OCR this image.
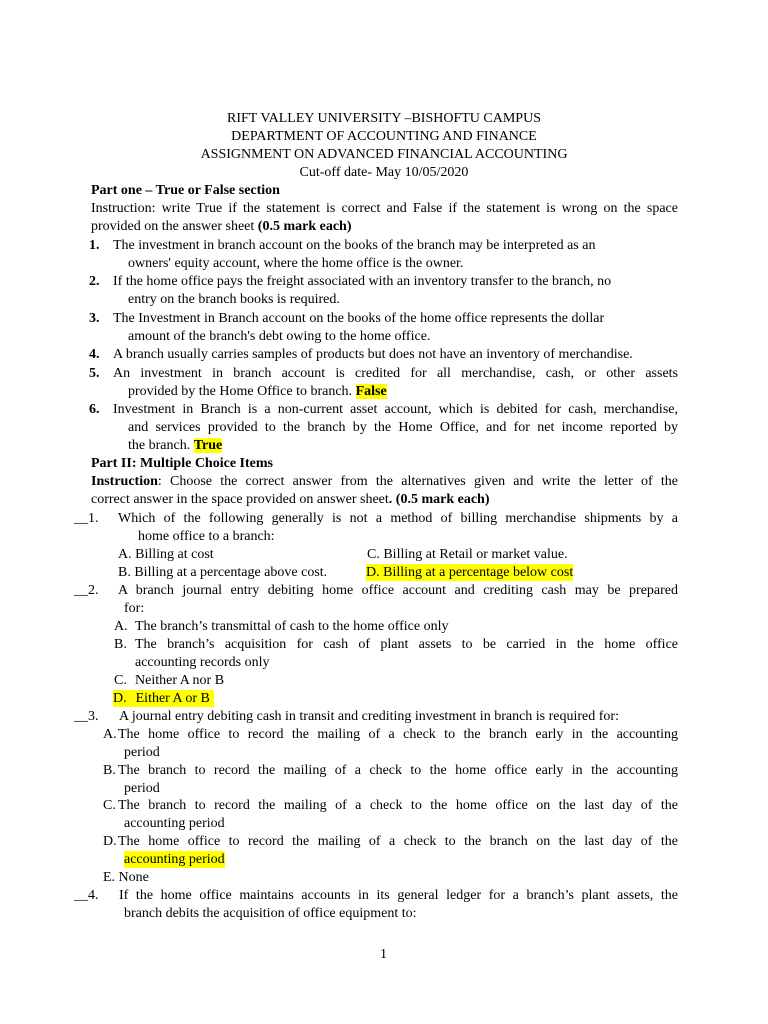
RIFT VALLEY UNIVERSITY –BISHOFTU CAMPUS
DEPARTMENT OF ACCOUNTING AND FINANCE
ASSIGNMENT ON ADVANCED FINANCIAL ACCOUNTING
Cut-off date- May 10/05/2020
Part one – True or False section
Instruction: write True if the statement is correct and False if the statement is wrong on the space
provided on the answer sheet (0.5 mark each)
1. The investment in branch account on the books of the branch may be interpreted as an
owners' equity account, where the home office is the owner.
2. If the home office pays the freight associated with an inventory transfer to the branch, no
entry on the branch books is required.
3. The Investment in Branch account on the books of the home office represents the dollar
amount of the branch's debt owing to the home office.
4. A branch usually carries samples of products but does not have an inventory of merchandise.
5. An investment in branch account is credited for all merchandise, cash, or other assets
provided by the Home Office to branch. False
6. Investment in Branch is a non-current asset account, which is debited for cash, merchandise,
and services provided to the branch by the Home Office, and for net income reported by
the branch. True
Part II: Multiple Choice Items
Instruction: Choose the correct answer from the alternatives given and write the letter of the
correct answer in the space provided on answer sheet. (0.5 mark each)
__1. Which of the following generally is not a method of billing merchandise shipments by a
home office to a branch:
A. Billing at cost	C. Billing at Retail or market value.
B. Billing at a percentage above cost.	D. Billing at a percentage below cost
__2. A branch journal entry debiting home office account and crediting cash may be prepared
for:
A. The branch’s transmittal of cash to the home office only
B. The branch’s acquisition for cash of plant assets to be carried in the home office
accounting records only
C. Neither A nor B
D. Either A or B
__3. A journal entry debiting cash in transit and crediting investment in branch is required for:
A. The home office to record the mailing of a check to the branch early in the accounting
period
B. The branch to record the mailing of a check to the home office early in the accounting
period
C. The branch to record the mailing of a check to the home office on the last day of the
accounting period
D. The home office to record the mailing of a check to the branch on the last day of the
accounting period
E. None
__4. If the home office maintains accounts in its general ledger for a branch’s plant assets, the
branch debits the acquisition of office equipment to:
1
